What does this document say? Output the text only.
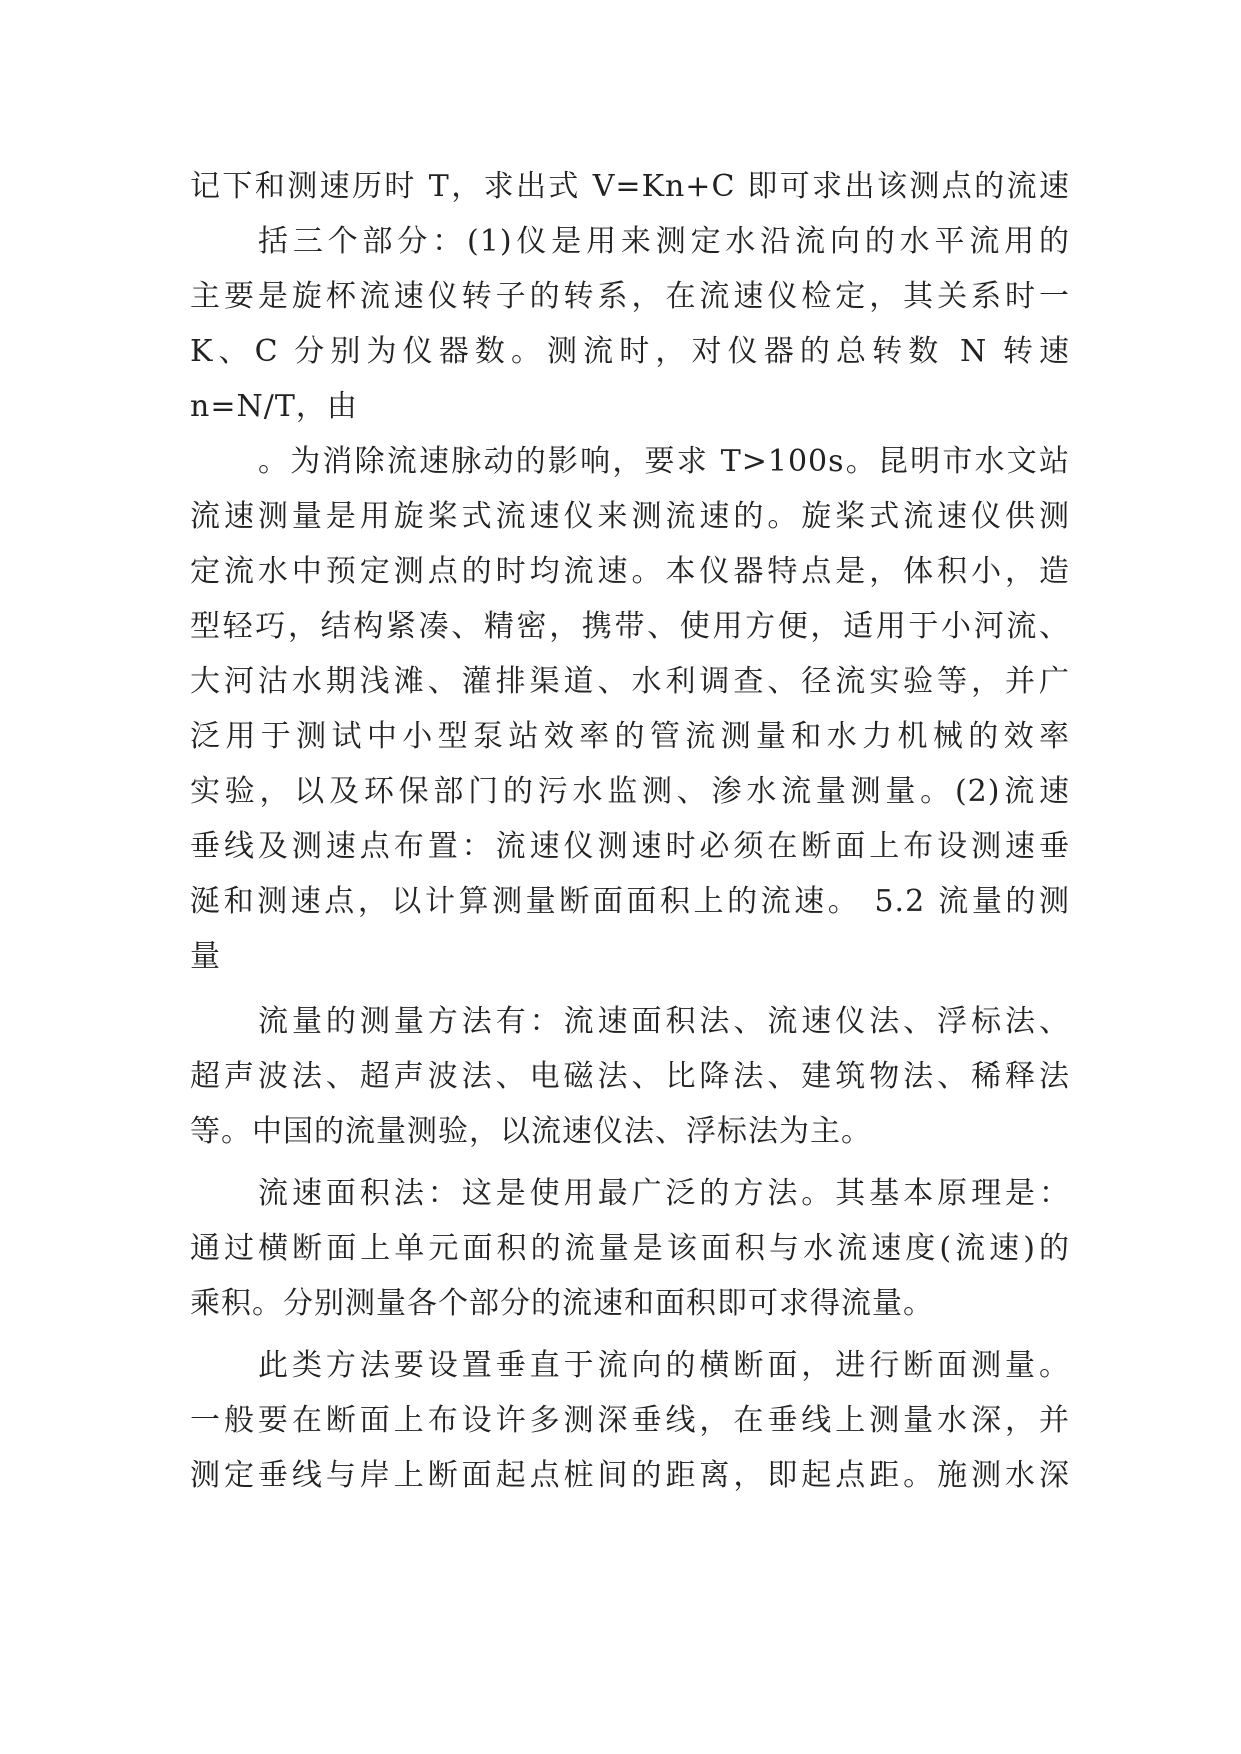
记下和测速历时 T，求出式 V=Kn+C 即可求出该测点的流速
括三个部分：(1)仪是用来测定水沿流向的水平流用的
主要是旋杯流速仪转子的转系，在流速仪检定，其关系时一
K、C 分别为仪器数。测流时，对仪器的总转数 N 转速
n=N/T，由
。为消除流速脉动的影响，要求 T>100s。昆明市水文站
流速测量是用旋桨式流速仪来测流速的。旋桨式流速仪供测
定流水中预定测点的时均流速。本仪器特点是，体积小，造
型轻巧，结构紧凑、精密，携带、使用方便，适用于小河流、
大河沽水期浅滩、灌排渠道、水利调查、径流实验等，并广
泛用于测试中小型泵站效率的管流测量和水力机械的效率
实验，以及环保部门的污水监测、渗水流量测量。(2)流速
垂线及测速点布置：流速仪测速时必须在断面上布设测速垂
涎和测速点，以计算测量断面面积上的流速。 5.2 流量的测
量
流量的测量方法有：流速面积法、流速仪法、浮标法、
超声波法、超声波法、电磁法、比降法、建筑物法、稀释法
等。中国的流量测验，以流速仪法、浮标法为主。
流速面积法：这是使用最广泛的方法。其基本原理是：
通过横断面上单元面积的流量是该面积与水流速度(流速)的
乘积。分别测量各个部分的流速和面积即可求得流量。
此类方法要设置垂直于流向的横断面，进行断面测量。
一般要在断面上布设许多测深垂线，在垂线上测量水深，并
测定垂线与岸上断面起点桩间的距离，即起点距。施测水深
